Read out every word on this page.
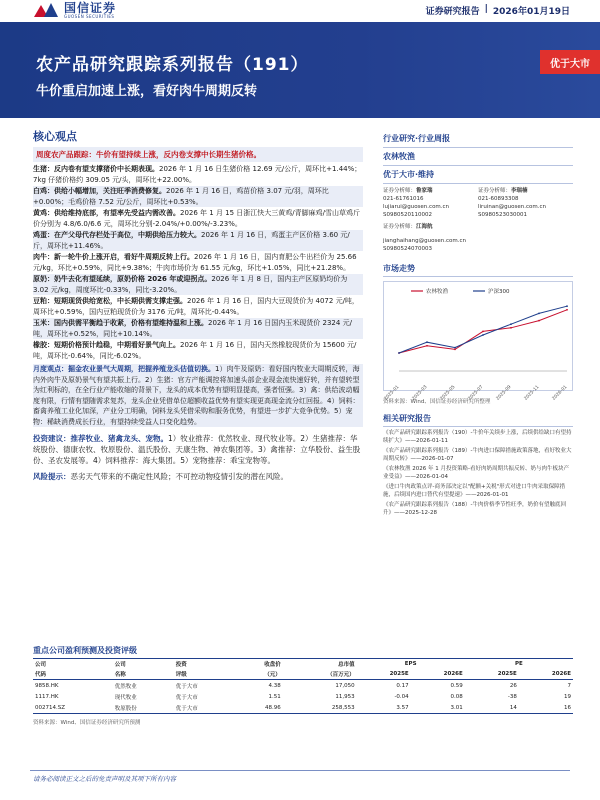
国信证券
GUOSEN SECURITIES	证券研究报告 | 2026年01月19日
农产品研究跟踪系列报告（191）
牛价重启加速上涨，看好肉牛周期反转
优于大市
核心观点
周度农产品跟踪：牛价有望持续上涨，反内卷支撑中长期生猪价格。
生猪：反内卷有望支撑猪价中长期表现。2026 年 1 月 16 日生猪价格 12.69 元/公斤，周环比+1.44%；7kg 仔猪价格约 309.05 元/头，周环比+22.00%。
白鸡：供给小幅增加，关注旺季消费修复。2026 年 1 月 16 日，鸡苗价格 3.07 元/羽，周环比+0.00%；毛鸡价格 7.52 元/公斤，周环比+0.53%。
黄鸡：供给维持底部，有望率先受益内需改善。2026 年 1 月 15 日浙江快大三黄鸡/青脚麻鸡/雪山草鸡斤价分别为 4.8/6.0/6.6 元，周环比分别-2.04%/+0.00%/-3.23%。
鸡蛋：在产父母代存栏处于高位，中期供给压力较大。2026 年 1 月 16 日，鸡蛋主产区价格 3.60 元/斤，周环比+11.46%。
肉牛：新一轮牛价上涨开启，看好牛周期反转上行。2026 年 1 月 16 日，国内育肥公牛出栏价为 25.66 元/kg，环比+0.59%，同比+9.38%；牛肉市场价为 61.55 元/kg，环比+1.05%，同比+21.28%。
原奶：奶牛去化有望延续，原奶价格 2026 年或迎拐点。2026 年 1 月 8 日，国内主产区原奶均价为 3.02 元/kg，周度环比-0.33%，同比-3.20%。
豆粕：短期现货供给宽松，中长期供需支撑走强。2026 年 1 月 16 日，国内大豆现货价为 4072 元/吨，周环比+0.59%，国内豆粕现货价为 3176 元/吨，周环比-0.44%。
玉米：国内供需平衡趋于收紧，价格有望维持温和上涨。2026 年 1 月 16 日国内玉米现货价 2324 元/吨，周环比+0.52%，同比+10.14%。
橡胶：短期价格预计趋稳，中期看好景气向上。2026 年 1 月 16 日，国内天然橡胶现货价为 15600 元/吨，周环比-0.64%，同比-6.02%。
月度观点：掘金农业景气大周期，把握养殖龙头估值切换。1）肉牛及原奶：看好国内牧业大周期反转，海内外肉牛及原奶景气有望共振上行。2）生猪：官方产能调控将加速头部企业现金流快速好转，并有望转型为红利标的，在全行业产能收缩的背景下，龙头的成本优势有望明显提高，强者恒强。3）禽：供给波动幅度有限，行情有望随需求复苏，龙头企业凭借单位超额收益优势有望实现更高现金流分红回报。4）饲料：畜禽养殖工业化加深，产业分工明确，饲料龙头凭借采购和服务优势，有望进一步扩大竞争优势。5）宠物：稀缺消费成长行业，有望持续受益人口变化趋势。
投资建议：推荐牧业、猪禽龙头、宠物。1）牧业推荐：优然牧业、现代牧业等。2）生猪推荐：华统股份、德康农牧、牧原股份、温氏股份、天康生物、神农集团等。3）禽推荐：立华股份、益生股份、圣农发展等。4）饲料推荐：海大集团。5）宠物推荐：乖宝宠物等。
风险提示：恶劣天气带来的不确定性风险；不可控动物疫情引发的潜在风险。
行业研究·行业周报
农林牧渔
优于大市·维持
证券分析师：鲁家瑞
021-61761016
lujiarui@guosen.com.cn
S0980520110002
证券分析师：李瑞楠
021-60893308
liruinan@guosen.com.cn
S0980523030001
证券分析师：江海航
jianghaihang@guosen.com.cn
S0980524070003
市场走势
2025-01 2025-03 2025-05 2025-07 2025-09 2025-11 2026-01
农林牧渔	沪深300
资料来源：Wind、国信证券经济研究所整理
相关研究报告
《农产品研究跟踪系列报告（190）-牛价年关续步上涨，后续供给缺口有望持续扩大》——2026-01-11
《农产品研究跟踪系列报告（189）-牛肉进口保障措施政策落地，看好牧业大周期反转》——2026-01-07
《农林牧渔 2026 年 1 月投资策略-看好肉奶周期共振反转、奶与肉牛板块产业受益》——2026-01-04
《进口牛肉政策点评-商务部决定以"配额+关税"形式对进口牛肉采取保障措施，后续国内进口替代有望提速》——2026-01-01
《农产品研究跟踪系列报告（188）-牛肉价格季节性旺季，奶价有望触底回升》——2025-12-28
重点公司盈利预测及投资评级
公司	公司	投资	收盘价	总市值	EPS		PE	
代码	名称	评级	（元）	（百万元）	2025E	2026E	2025E	2026E
9858.HK	优然牧业	优于大市	4.38	17,050	0.17	0.59	26	7
1117.HK	现代牧业	优于大市	1.51	11,953	-0.04	0.08	-38	19
002714.SZ	牧原股份	优于大市	48.96	258,553	3.57	3.01	14	16
资料来源：Wind、国信证券经济研究所预测
请务必阅读正文之后的免责声明及其项下所有内容
